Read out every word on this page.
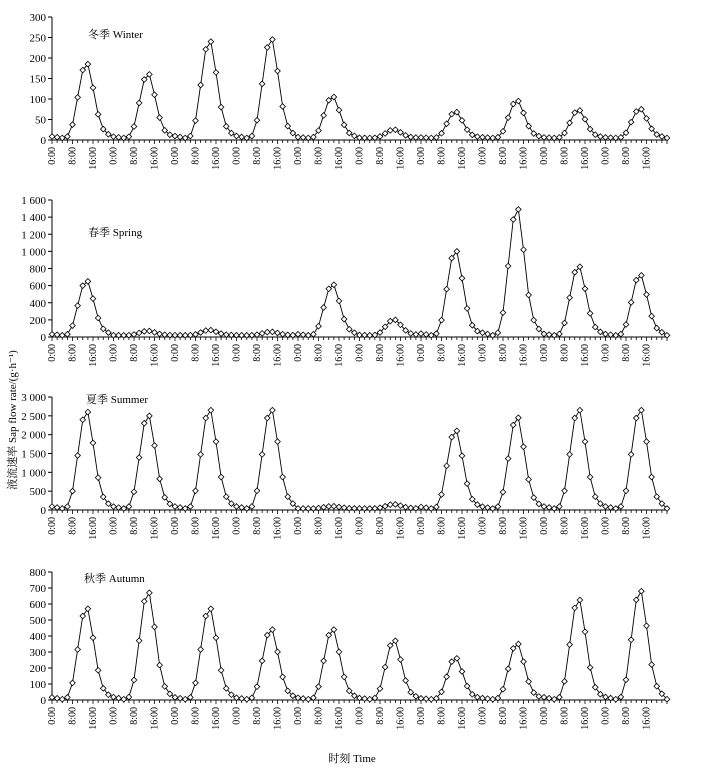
0
50
100
150
200
250
300
0:00 8:00 16:00 0:00 8:00 16:00 0:00 8:00 16:00 0:00 8:00 16:00 0:00 8:00 16:00 0:00 8:00 16:00 0:00 8:00 16:00 0:00 8:00 16:00 0:00 8:00 16:00 0:00 8:00 16:00
冬季 Winter
0
200
400
600
800
1 000
1 200
1 400
1 600
0:00 8:00 16:00 0:00 8:00 16:00 0:00 8:00 16:00 0:00 8:00 16:00 0:00 8:00 16:00 0:00 8:00 16:00 0:00 8:00 16:00 0:00 8:00 16:00 0:00 8:00 16:00 0:00 8:00 16:00
春季 Spring
0
500
1 000
1 500
2 000
2 500
3 000
0:00 8:00 16:00 0:00 8:00 16:00 0:00 8:00 16:00 0:00 8:00 16:00 0:00 8:00 16:00 0:00 8:00 16:00 0:00 8:00 16:00 0:00 8:00 16:00 0:00 8:00 16:00 0:00 8:00 16:00
夏季 Summer
0
100
200
300
400
500
600
700
800
0:00 8:00 16:00 0:00 8:00 16:00 0:00 8:00 16:00 0:00 8:00 16:00 0:00 8:00 16:00 0:00 8:00 16:00 0:00 8:00 16:00 0:00 8:00 16:00 0:00 8:00 16:00 0:00 8:00 16:00
秋季 Autumn
液流速率 Sap flow rate/(g·h⁻¹)
时刻 Time
